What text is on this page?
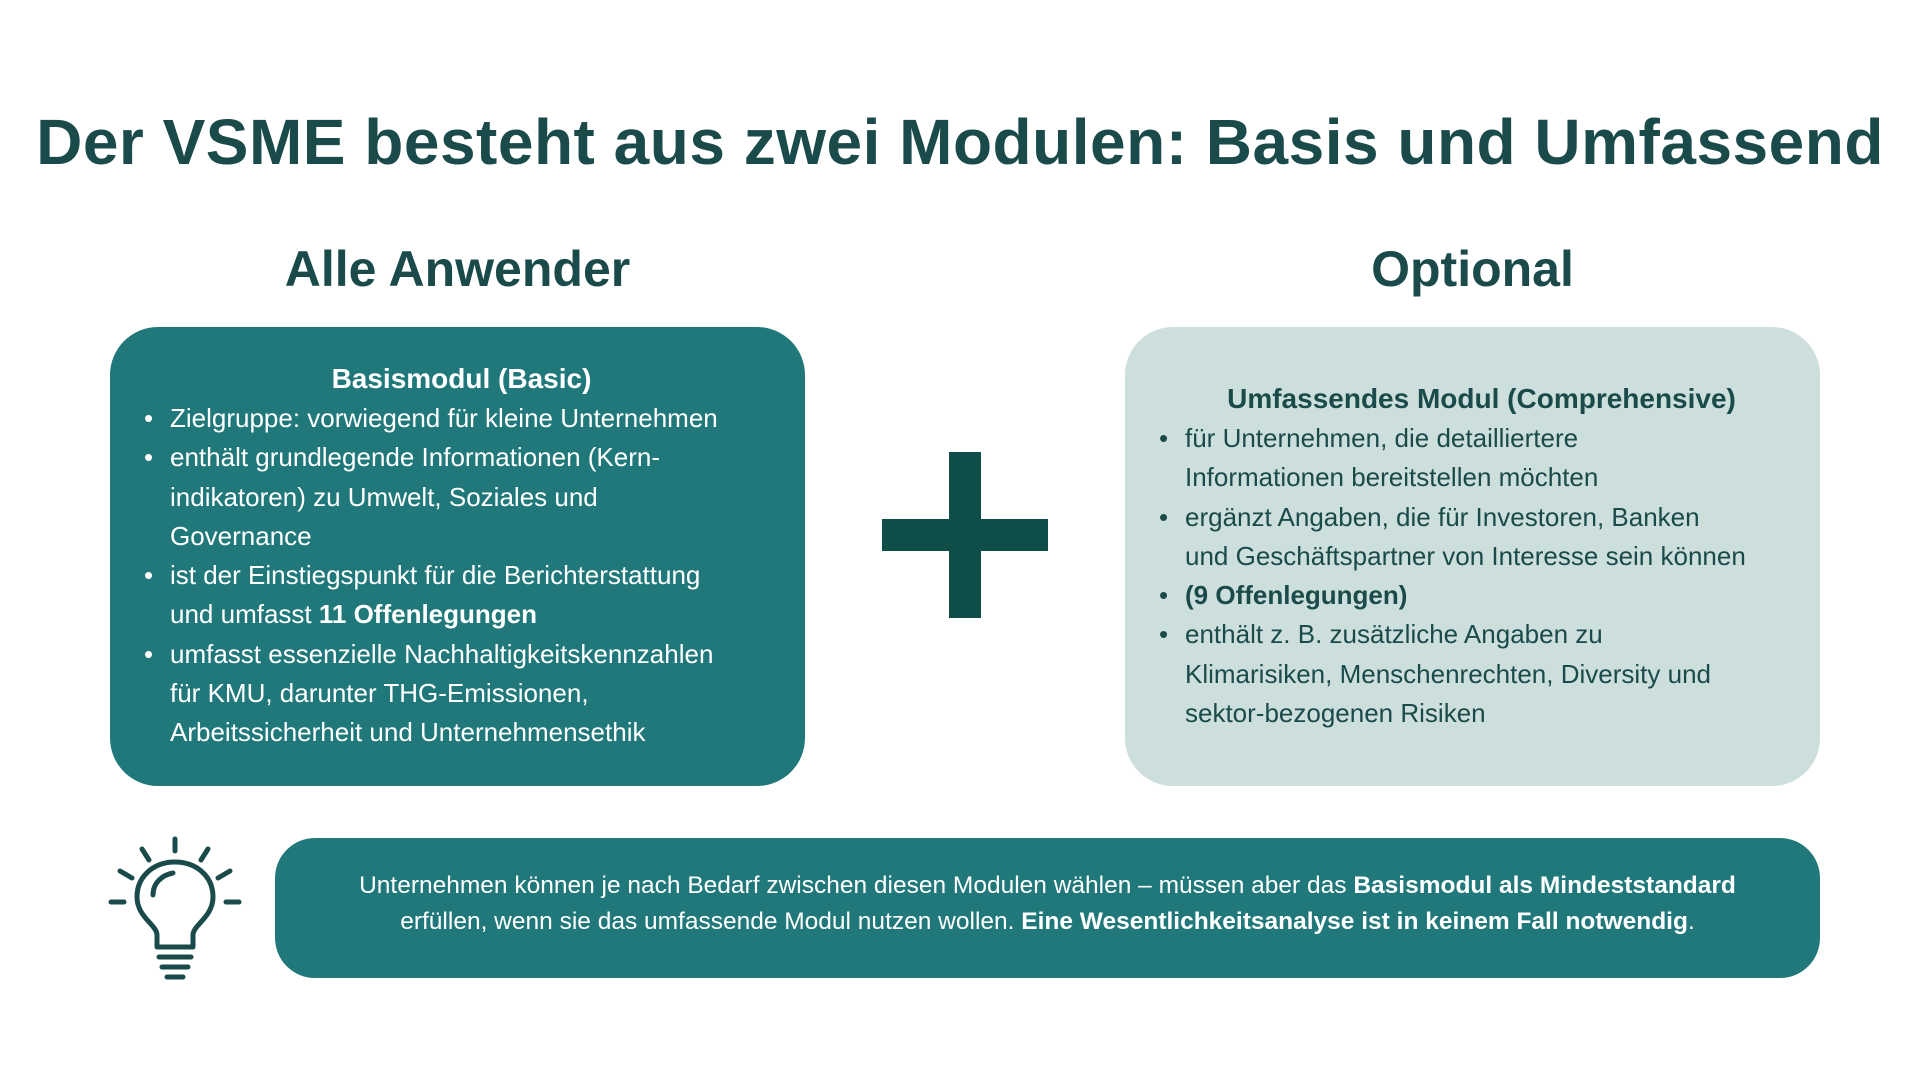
Der VSME besteht aus zwei Modulen: Basis und Umfassend
Alle Anwender	Optional
Basismodul (Basic)
• Zielgruppe: vorwiegend für kleine Unternehmen
• enthält grundlegende Informationen (Kern-
indikatoren) zu Umwelt, Soziales und
Governance
• ist der Einstiegspunkt für die Berichterstattung
und umfasst 11 Offenlegungen
• umfasst essenzielle Nachhaltigkeitskennzahlen
für KMU, darunter THG-Emissionen,
Arbeitssicherheit und Unternehmensethik
Umfassendes Modul (Comprehensive)
• für Unternehmen, die detailliertere
Informationen bereitstellen möchten
• ergänzt Angaben, die für Investoren, Banken
und Geschäftspartner von Interesse sein können
• (9 Offenlegungen)
• enthält z. B. zusätzliche Angaben zu
Klimarisiken, Menschenrechten, Diversity und
sektor-bezogenen Risiken
Unternehmen können je nach Bedarf zwischen diesen Modulen wählen – müssen aber das Basismodul als Mindeststandard
erfüllen, wenn sie das umfassende Modul nutzen wollen. Eine Wesentlichkeitsanalyse ist in keinem Fall notwendig.
